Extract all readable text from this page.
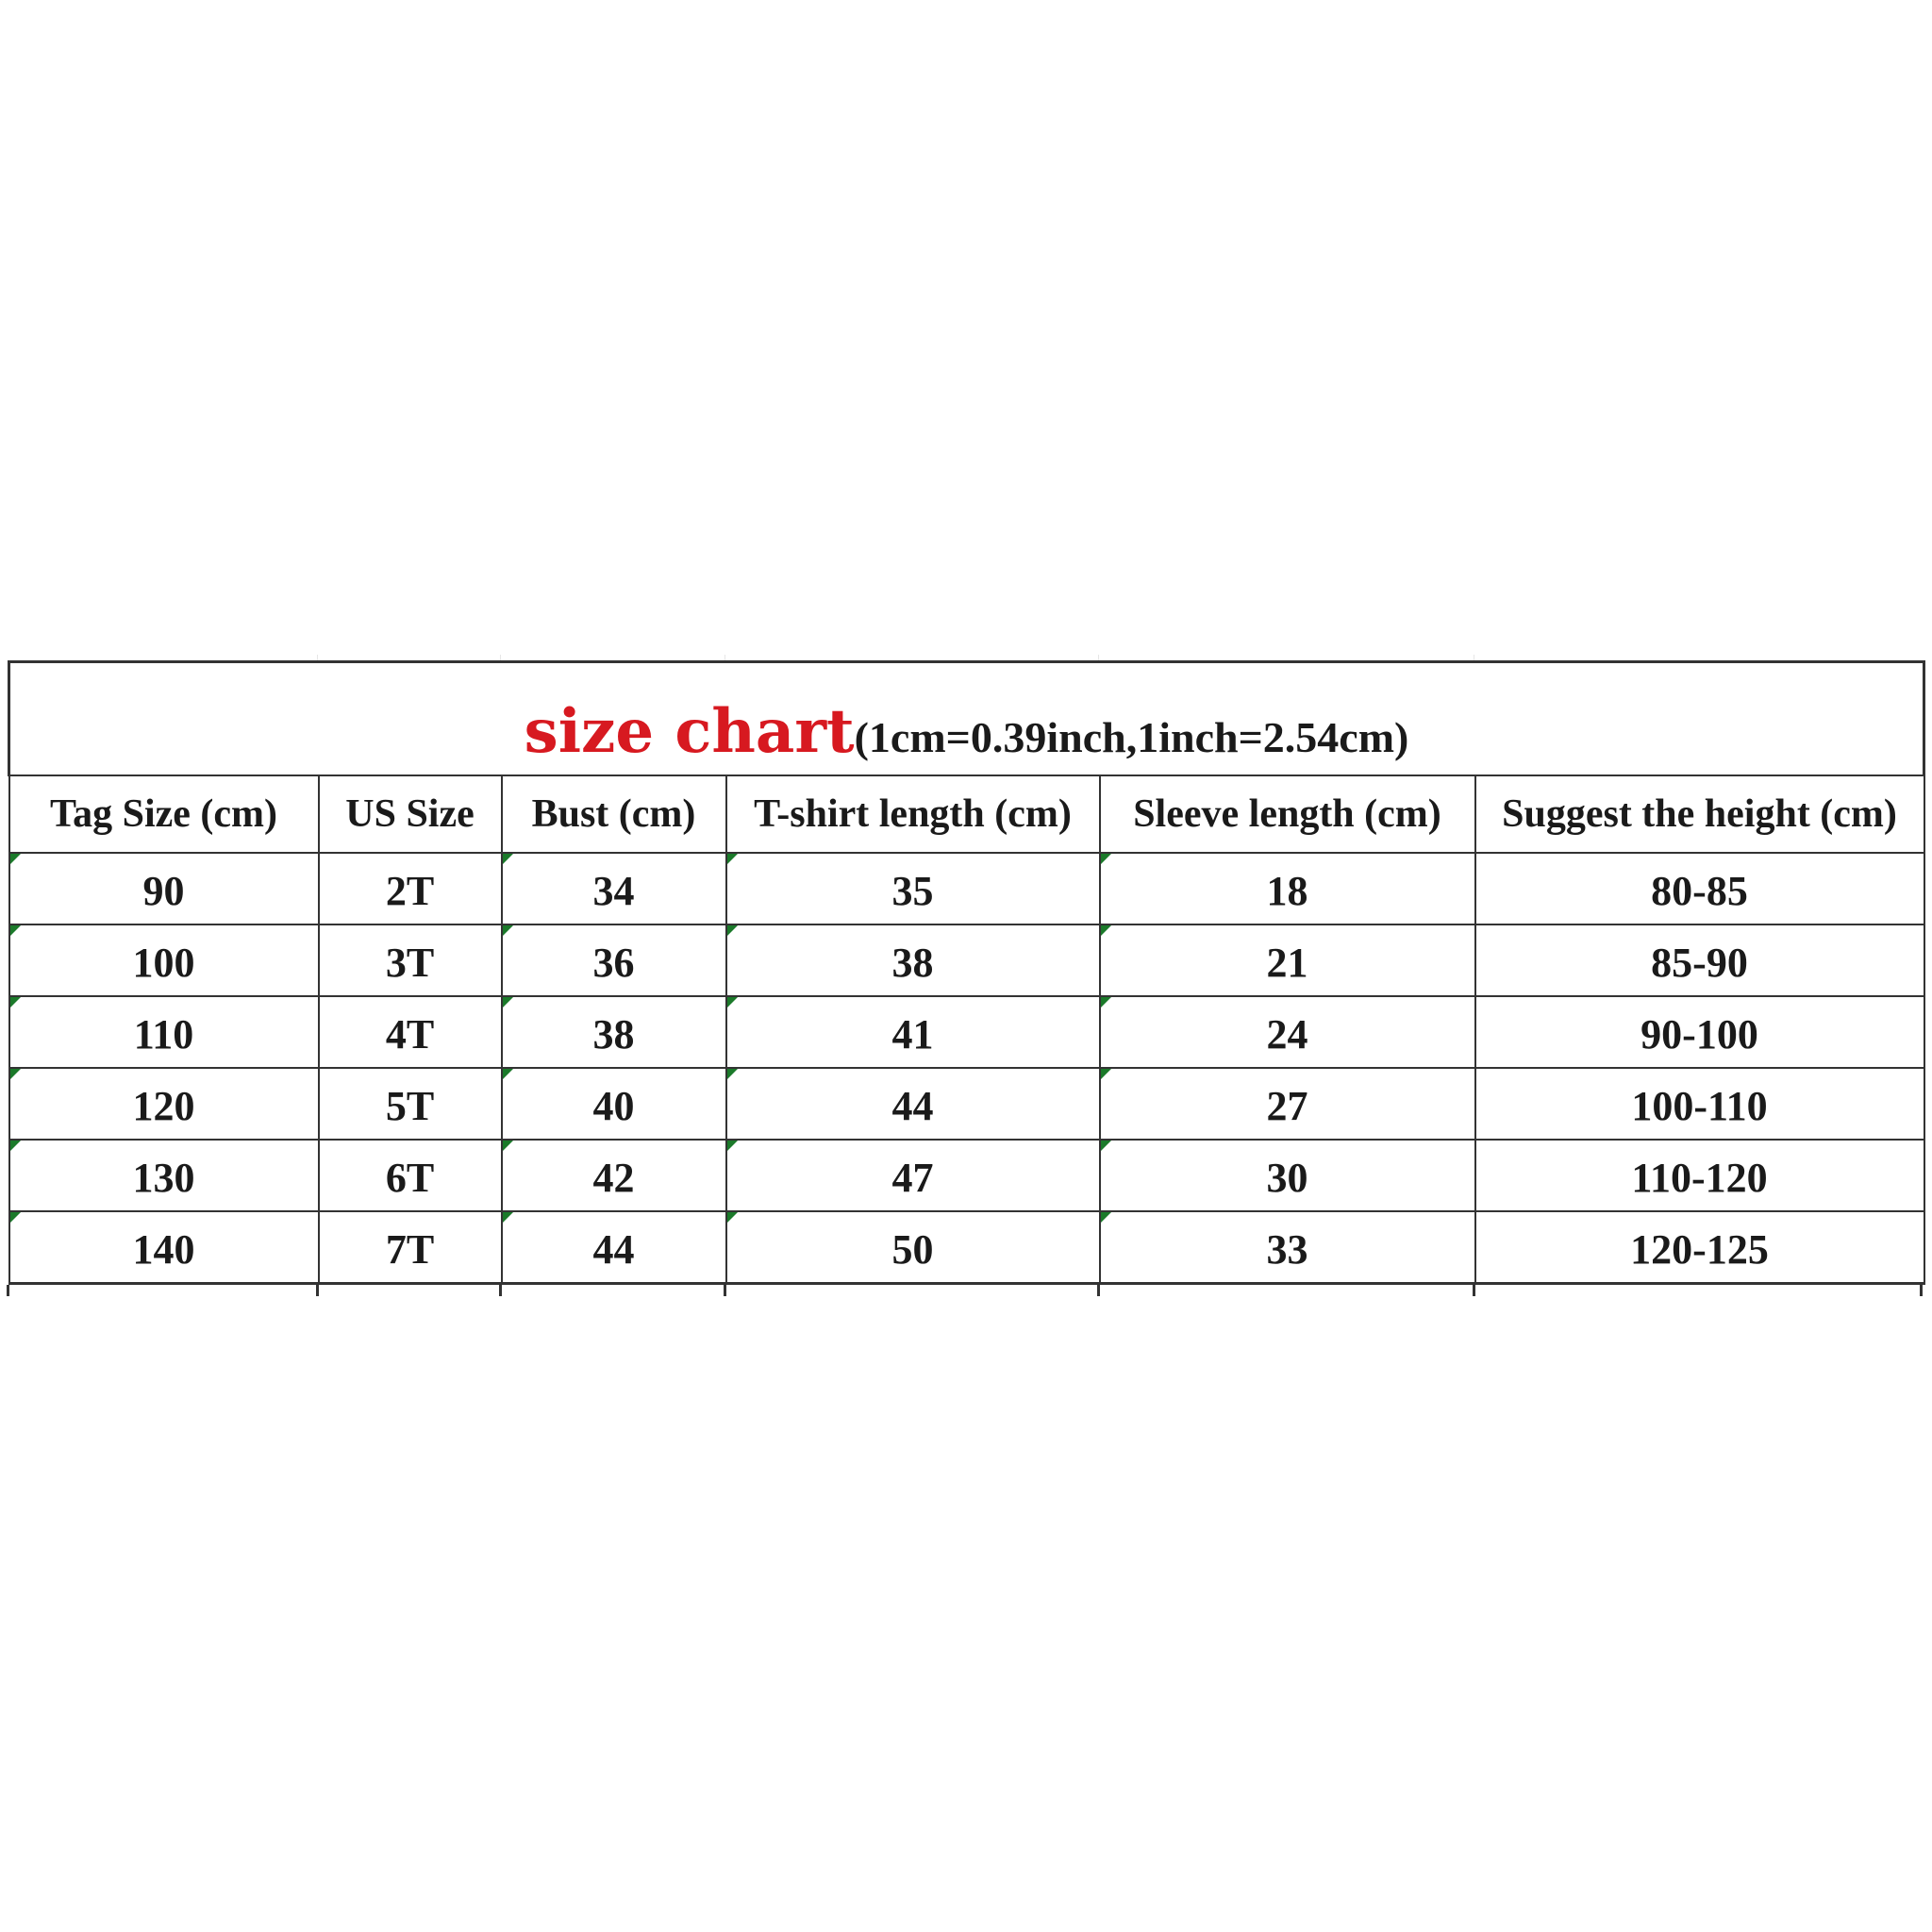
size chart(1cm=0.39inch,1inch=2.54cm)					
Tag Size (cm)	US Size	Bust (cm)	T-shirt length (cm)	Sleeve length (cm)	Suggest the height (cm)
90	2T	34	35	18	80-85
100	3T	36	38	21	85-90
110	4T	38	41	24	90-100
120	5T	40	44	27	100-110
130	6T	42	47	30	110-120
140	7T	44	50	33	120-125
